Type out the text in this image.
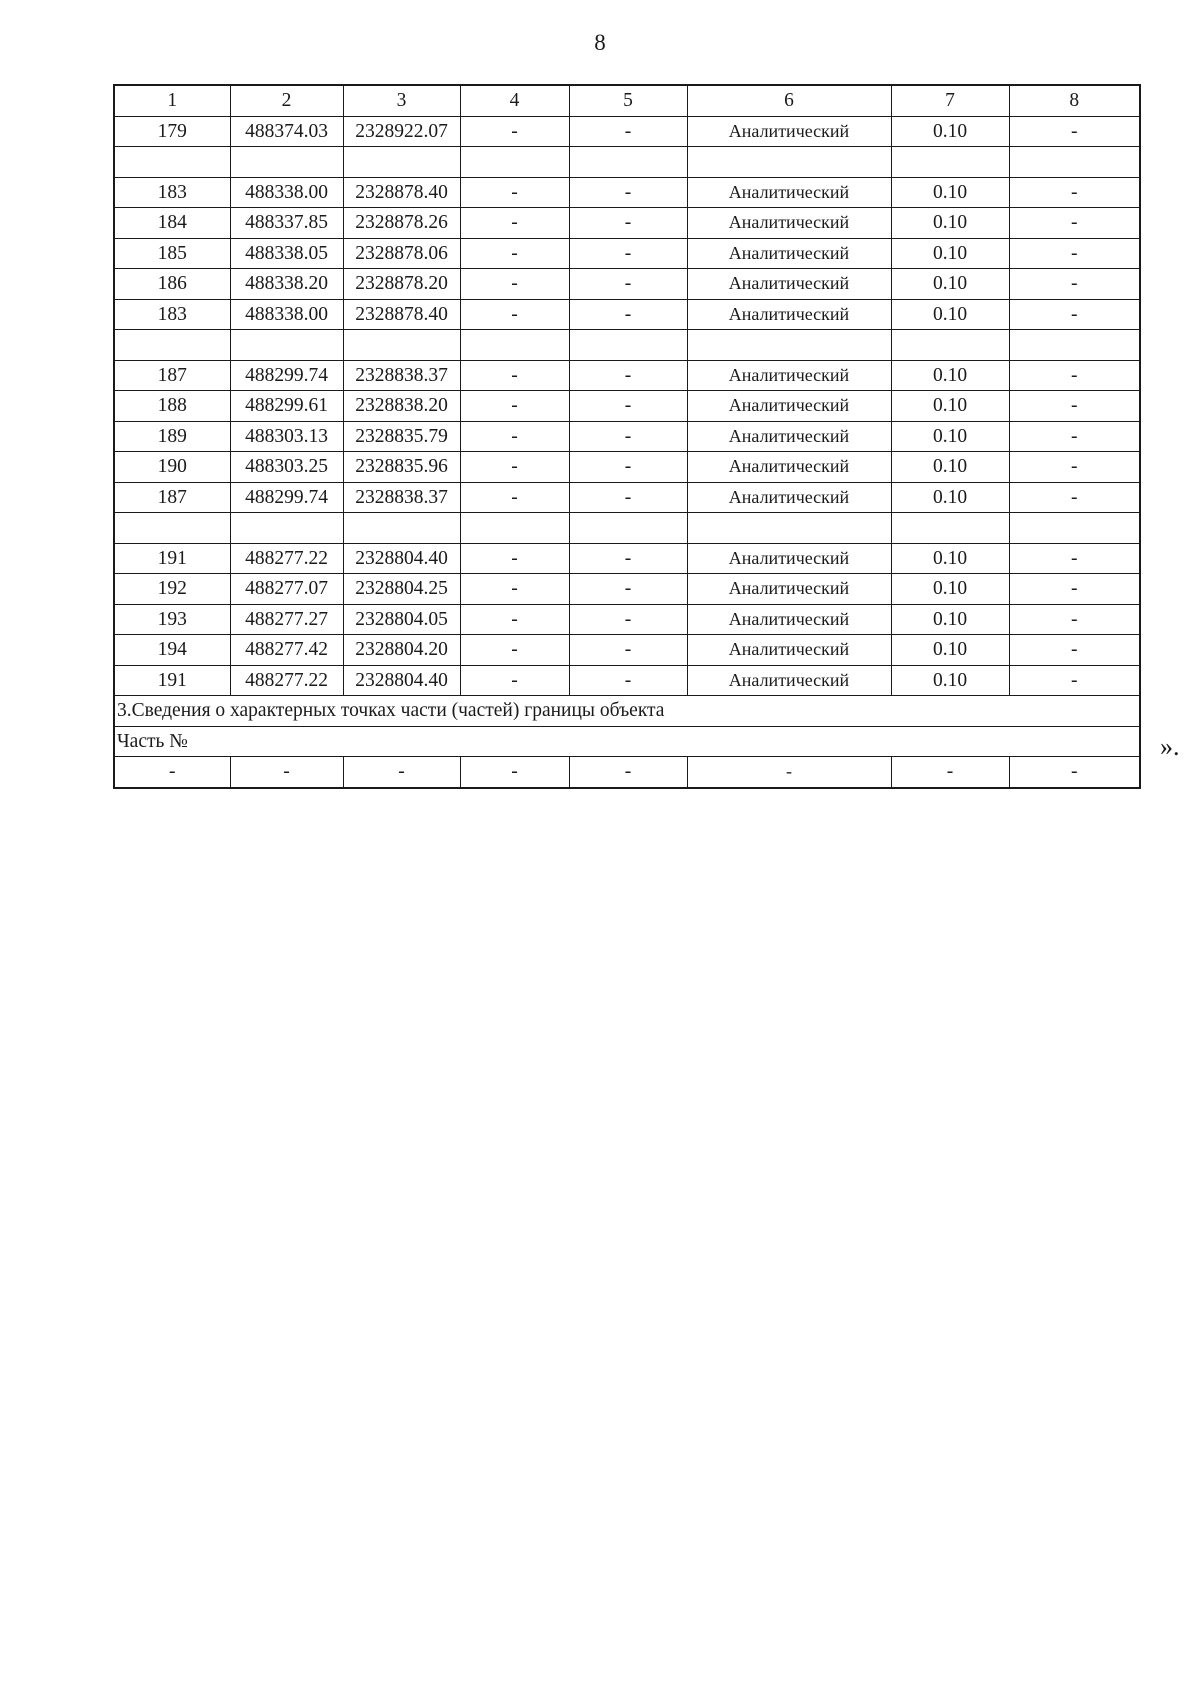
8
1	2	3	4	5	6	7	8
179	488374.03	2328922.07	-	-	Аналитический	0.10	-

183	488338.00	2328878.40	-	-	Аналитический	0.10	-
184	488337.85	2328878.26	-	-	Аналитический	0.10	-
185	488338.05	2328878.06	-	-	Аналитический	0.10	-
186	488338.20	2328878.20	-	-	Аналитический	0.10	-
183	488338.00	2328878.40	-	-	Аналитический	0.10	-

187	488299.74	2328838.37	-	-	Аналитический	0.10	-
188	488299.61	2328838.20	-	-	Аналитический	0.10	-
189	488303.13	2328835.79	-	-	Аналитический	0.10	-
190	488303.25	2328835.96	-	-	Аналитический	0.10	-
187	488299.74	2328838.37	-	-	Аналитический	0.10	-

191	488277.22	2328804.40	-	-	Аналитический	0.10	-
192	488277.07	2328804.25	-	-	Аналитический	0.10	-
193	488277.27	2328804.05	-	-	Аналитический	0.10	-
194	488277.42	2328804.20	-	-	Аналитический	0.10	-
191	488277.22	2328804.40	-	-	Аналитический	0.10	-
3.Сведения о характерных точках части (частей) границы объекта							
Часть №							
-	-	-	-	-	-	-	-
».
